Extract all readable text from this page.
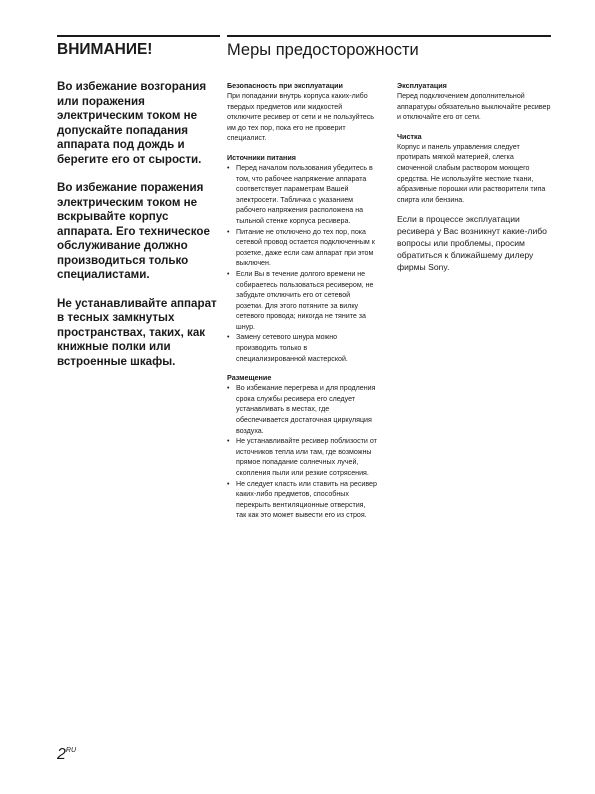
ВНИМАНИЕ!	Меры предосторожности

Во избежание возгорания или поражения электрическим током не допускайте попадания аппарата под дождь и берегите его от сырости.

Во избежание поражения электрическим током не вскрывайте корпус аппарата. Его техническое обслуживание должно производиться только специалистами.

Не устанавливайте аппарат в тесных замкнутых пространствах, таких, как книжные полки или встроенные шкафы.

Безопасность при эксплуатации

При попадании внутрь корпуса каких-либо твердых предметов или жидкостей отключите ресивер от сети и не пользуйтесь им до тех пор, пока его не проверит специалист.

Источники питания
• Перед началом пользования убедитесь в том, что рабочее напряжение аппарата соответствует параметрам Вашей электросети. Табличка с указанием рабочего напряжения расположена на тыльной стенке корпуса ресивера.
• Питание не отключено до тех пор, пока сетевой провод остается подключенным к розетке, даже если сам аппарат при этом выключен.
• Если Вы в течение долгого времени не собираетесь пользоваться ресивером, не забудьте отключить его от сетевой розетки. Для этого потяните за вилку сетевого провода; никогда не тяните за шнур.
• Замену сетевого шнура можно производить только в специализированной мастерской.
Размещение
• Во избежание перегрева и для продления срока службы ресивера его следует устанавливать в местах, где обеспечивается достаточная циркуляция воздуха.
• Не устанавливайте ресивер поблизости от источников тепла или там, где возможны прямое попадание солнечных лучей, скопления пыли или резкие сотрясения.
• Не следует класть или ставить на ресивер каких-либо предметов, способных перекрыть вентиляционные отверстия, так как это может вывести его из строя.
Эксплуатация

Перед подключением дополнительной аппаратуры обязательно выключайте ресивер и отключайте его от сети.

Чистка

Корпус и панель управления следует протирать мягкой материей, слегка смоченной слабым раствором моющего средства. Не используйте жесткие ткани, абразивные порошки или растворители типа спирта или бензина.

Если в процессе эксплуатации ресивера у Вас возникнут какие-либо вопросы или проблемы, просим обратиться к ближайшему дилеру фирмы Sony.

$2^{RU}$
